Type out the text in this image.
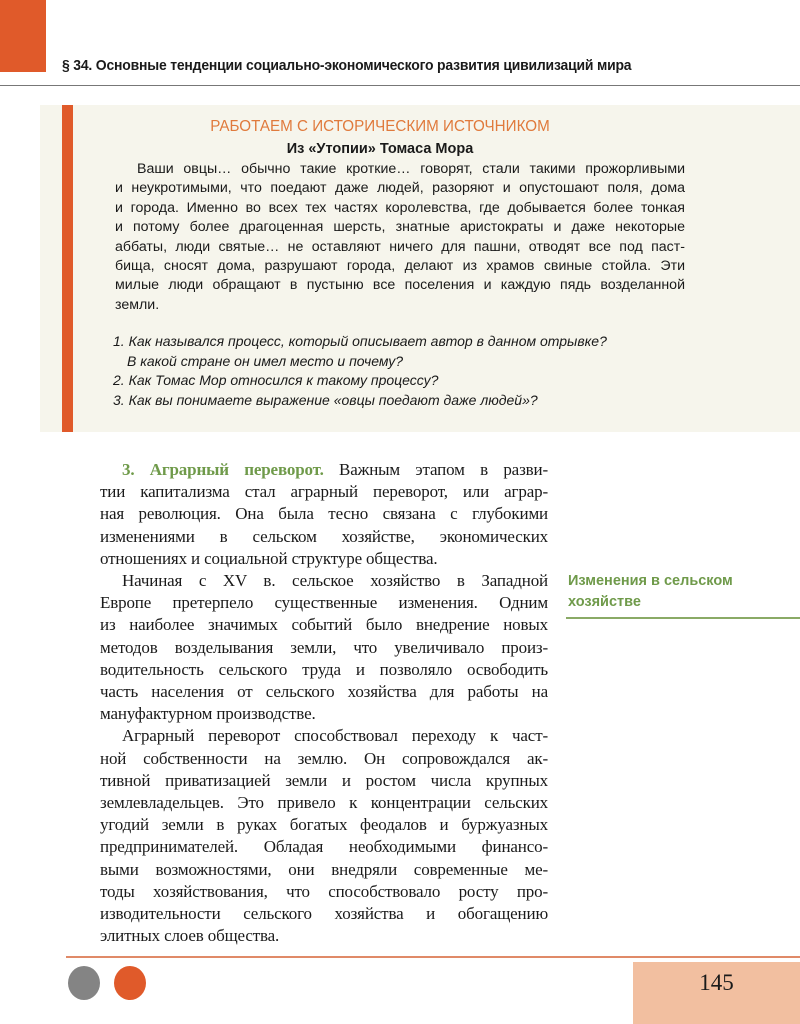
§ 34. Основные тенденции социально-экономического развития цивилизаций мира
РАБОТАЕМ С ИСТОРИЧЕСКИМ ИСТОЧНИКОМ
Из «Утопии» Томаса Мора
Ваши овцы… обычно такие кроткие… говорят, стали такими прожорливыми
и неукротимыми, что поедают даже людей, разоряют и опустошают поля, дома
и города. Именно во всех тех частях королевства, где добывается более тонкая
и потому более драгоценная шерсть, знатные аристократы и даже некоторые
аббаты, люди святые… не оставляют ничего для пашни, отводят все под паст-
бища, сносят дома, разрушают города, делают из храмов свиные стойла. Эти
милые люди обращают в пустыню все поселения и каждую пядь возделанной
земли.
1. Как назывался процесс, который описывает автор в данном отрывке?
В какой стране он имел место и почему?
2. Как Томас Мор относился к такому процессу?
3. Как вы понимаете выражение «овцы поедают даже людей»?
3. Аграрный переворот. Важным этапом в разви-
тии капитализма стал аграрный переворот, или аграр-
ная революция. Она была тесно связана с глубокими
изменениями в сельском хозяйстве, экономических
отношениях и социальной структуре общества.
Начиная с XV в. сельское хозяйство в Западной
Европе претерпело существенные изменения. Одним
из наиболее значимых событий было внедрение новых
методов возделывания земли, что увеличивало произ-
водительность сельского труда и позволяло освободить
часть населения от сельского хозяйства для работы на
мануфактурном производстве.
Аграрный переворот способствовал переходу к част-
ной собственности на землю. Он сопровождался ак-
тивной приватизацией земли и ростом числа крупных
землевладельцев. Это привело к концентрации сельских
угодий земли в руках богатых феодалов и буржуазных
предпринимателей. Обладая необходимыми финансо-
выми возможностями, они внедряли современные ме-
тоды хозяйствования, что способствовало росту про-
изводительности сельского хозяйства и обогащению
элитных слоев общества.
Изменения в сельском
хозяйстве
145
